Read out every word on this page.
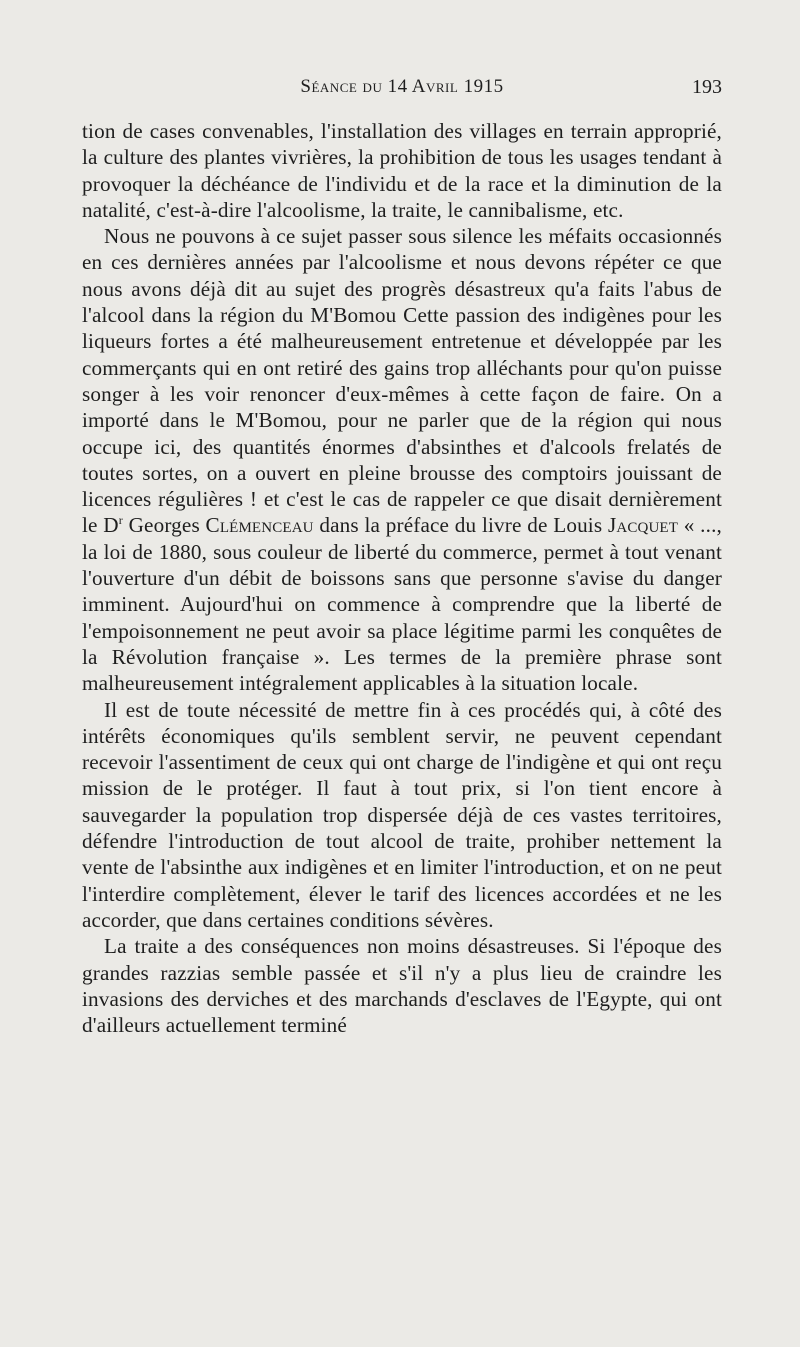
Séance du 14 Avril 1915	193

tion de cases convenables, l'installation des villages en terrain approprié, la culture des plantes vivrières, la prohibition de tous les usages tendant à provoquer la déchéance de l'individu et de la race et la diminution de la natalité, c'est-à-dire l'alcoolisme, la traite, le cannibalisme, etc.

Nous ne pouvons à ce sujet passer sous silence les méfaits occasionnés en ces dernières années par l'alcoolisme et nous devons répéter ce que nous avons déjà dit au sujet des progrès désastreux qu'a faits l'abus de l'alcool dans la région du M'Bomou Cette passion des indigènes pour les liqueurs fortes a été malheureusement entretenue et développée par les commerçants qui en ont retiré des gains trop alléchants pour qu'on puisse songer à les voir renoncer d'eux-mêmes à cette façon de faire. On a importé dans le M'Bomou, pour ne parler que de la région qui nous occupe ici, des quantités énormes d'absinthes et d'alcools frelatés de toutes sortes, on a ouvert en pleine brousse des comptoirs jouissant de licences régulières ! et c'est le cas de rappeler ce que disait dernièrement le $D^r$ Georges Clémenceau dans la préface du livre de Louis Jacquet « ..., la loi de 1880, sous couleur de liberté du commerce, permet à tout venant l'ouverture d'un débit de boissons sans que personne s'avise du danger imminent. Aujourd'hui on commence à comprendre que la liberté de l'empoisonnement ne peut avoir sa place légitime parmi les conquêtes de la Révolution française ». Les termes de la première phrase sont malheureusement intégralement applicables à la situation locale.

Il est de toute nécessité de mettre fin à ces procédés qui, à côté des intérêts économiques qu'ils semblent servir, ne peuvent cependant recevoir l'assentiment de ceux qui ont charge de l'indigène et qui ont reçu mission de le protéger. Il faut à tout prix, si l'on tient encore à sauvegarder la population trop dispersée déjà de ces vastes territoires, défendre l'introduction de tout alcool de traite, prohiber nettement la vente de l'absinthe aux indigènes et en limiter l'introduction, et on ne peut l'interdire complètement, élever le tarif des licences accordées et ne les accorder, que dans certaines conditions sévères.

La traite a des conséquences non moins désastreuses. Si l'époque des grandes razzias semble passée et s'il n'y a plus lieu de craindre les invasions des derviches et des marchands d'esclaves de l'Egypte, qui ont d'ailleurs actuellement terminé
